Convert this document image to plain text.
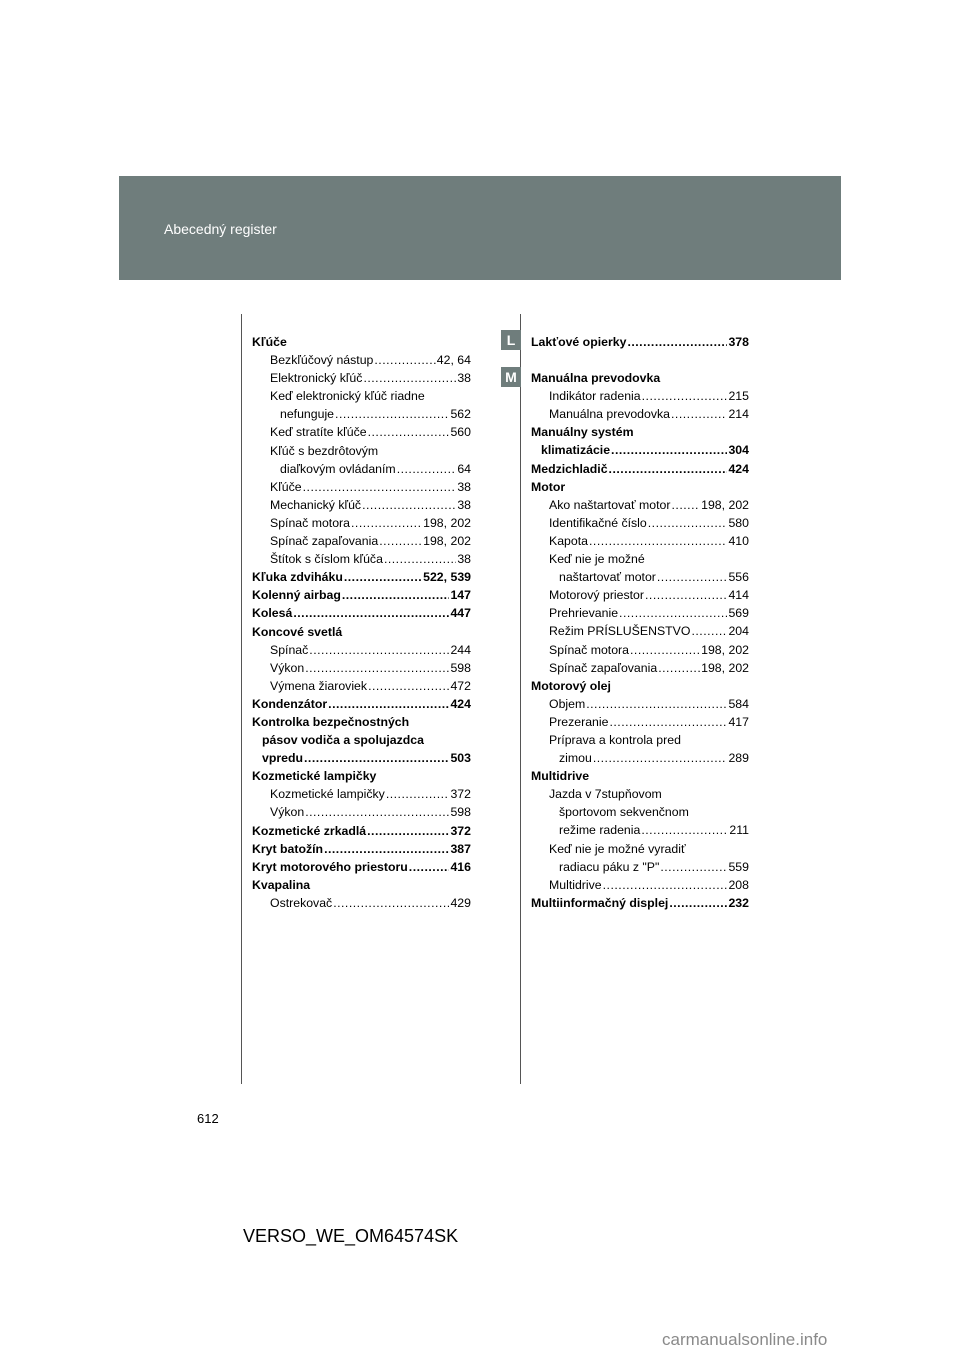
Abecedný register
L
M
Kľúče
Bezkľúčový nástup .....	42, 64
Elektronický kľúč .....	38
Keď elektronický kľúč riadne
nefunguje .....	562
Keď stratíte kľúče .....	560
Kľúč s bezdrôtovým
diaľkovým ovládaním .....	64
Kľúče .....	38
Mechanický kľúč .....	38
Spínač motora .....	198, 202
Spínač zapaľovania .....	198, 202
Štítok s číslom kľúča .....	38
Kľuka zdviháku .....	522, 539
Kolenný airbag .....	147
Kolesá .....	447
Koncové svetlá
Spínač .....	244
Výkon .....	598
Výmena žiaroviek .....	472
Kondenzátor .....	424
Kontrolka bezpečnostných
pásov vodiča a spolujazdca
vpredu .....	503
Kozmetické lampičky
Kozmetické lampičky .....	372
Výkon .....	598
Kozmetické zrkadlá .....	372
Kryt batožín .....	387
Kryt motorového priestoru .....	416
Kvapalina
Ostrekovač .....	429
Lakťové opierky .....	378
Manuálna prevodovka
Indikátor radenia .....	215
Manuálna prevodovka .....	214
Manuálny systém
klimatizácie .....	304
Medzichladič .....	424
Motor
Ako naštartovať motor ..... 198, 202
Identifikačné číslo .....	580
Kapota .....	410
Keď nie je možné
naštartovať motor .....	556
Motorový priestor .....	414
Prehrievanie .....	569
Režim PRÍSLUŠENSTVO .....	204
Spínač motora .....	198, 202
Spínač zapaľovania .....	198, 202
Motorový olej
Objem .....	584
Prezeranie .....	417
Príprava a kontrola pred
zimou .....	289
Multidrive
Jazda v 7stupňovom
športovom sekvenčnom
režime radenia .....	211
Keď nie je možné vyradiť
radiacu páku z "P" .....	559
Multidrive .....	208
Multiinformačný displej .....	232
612
VERSO_WE_OM64574SK
carmanualsonline.info
